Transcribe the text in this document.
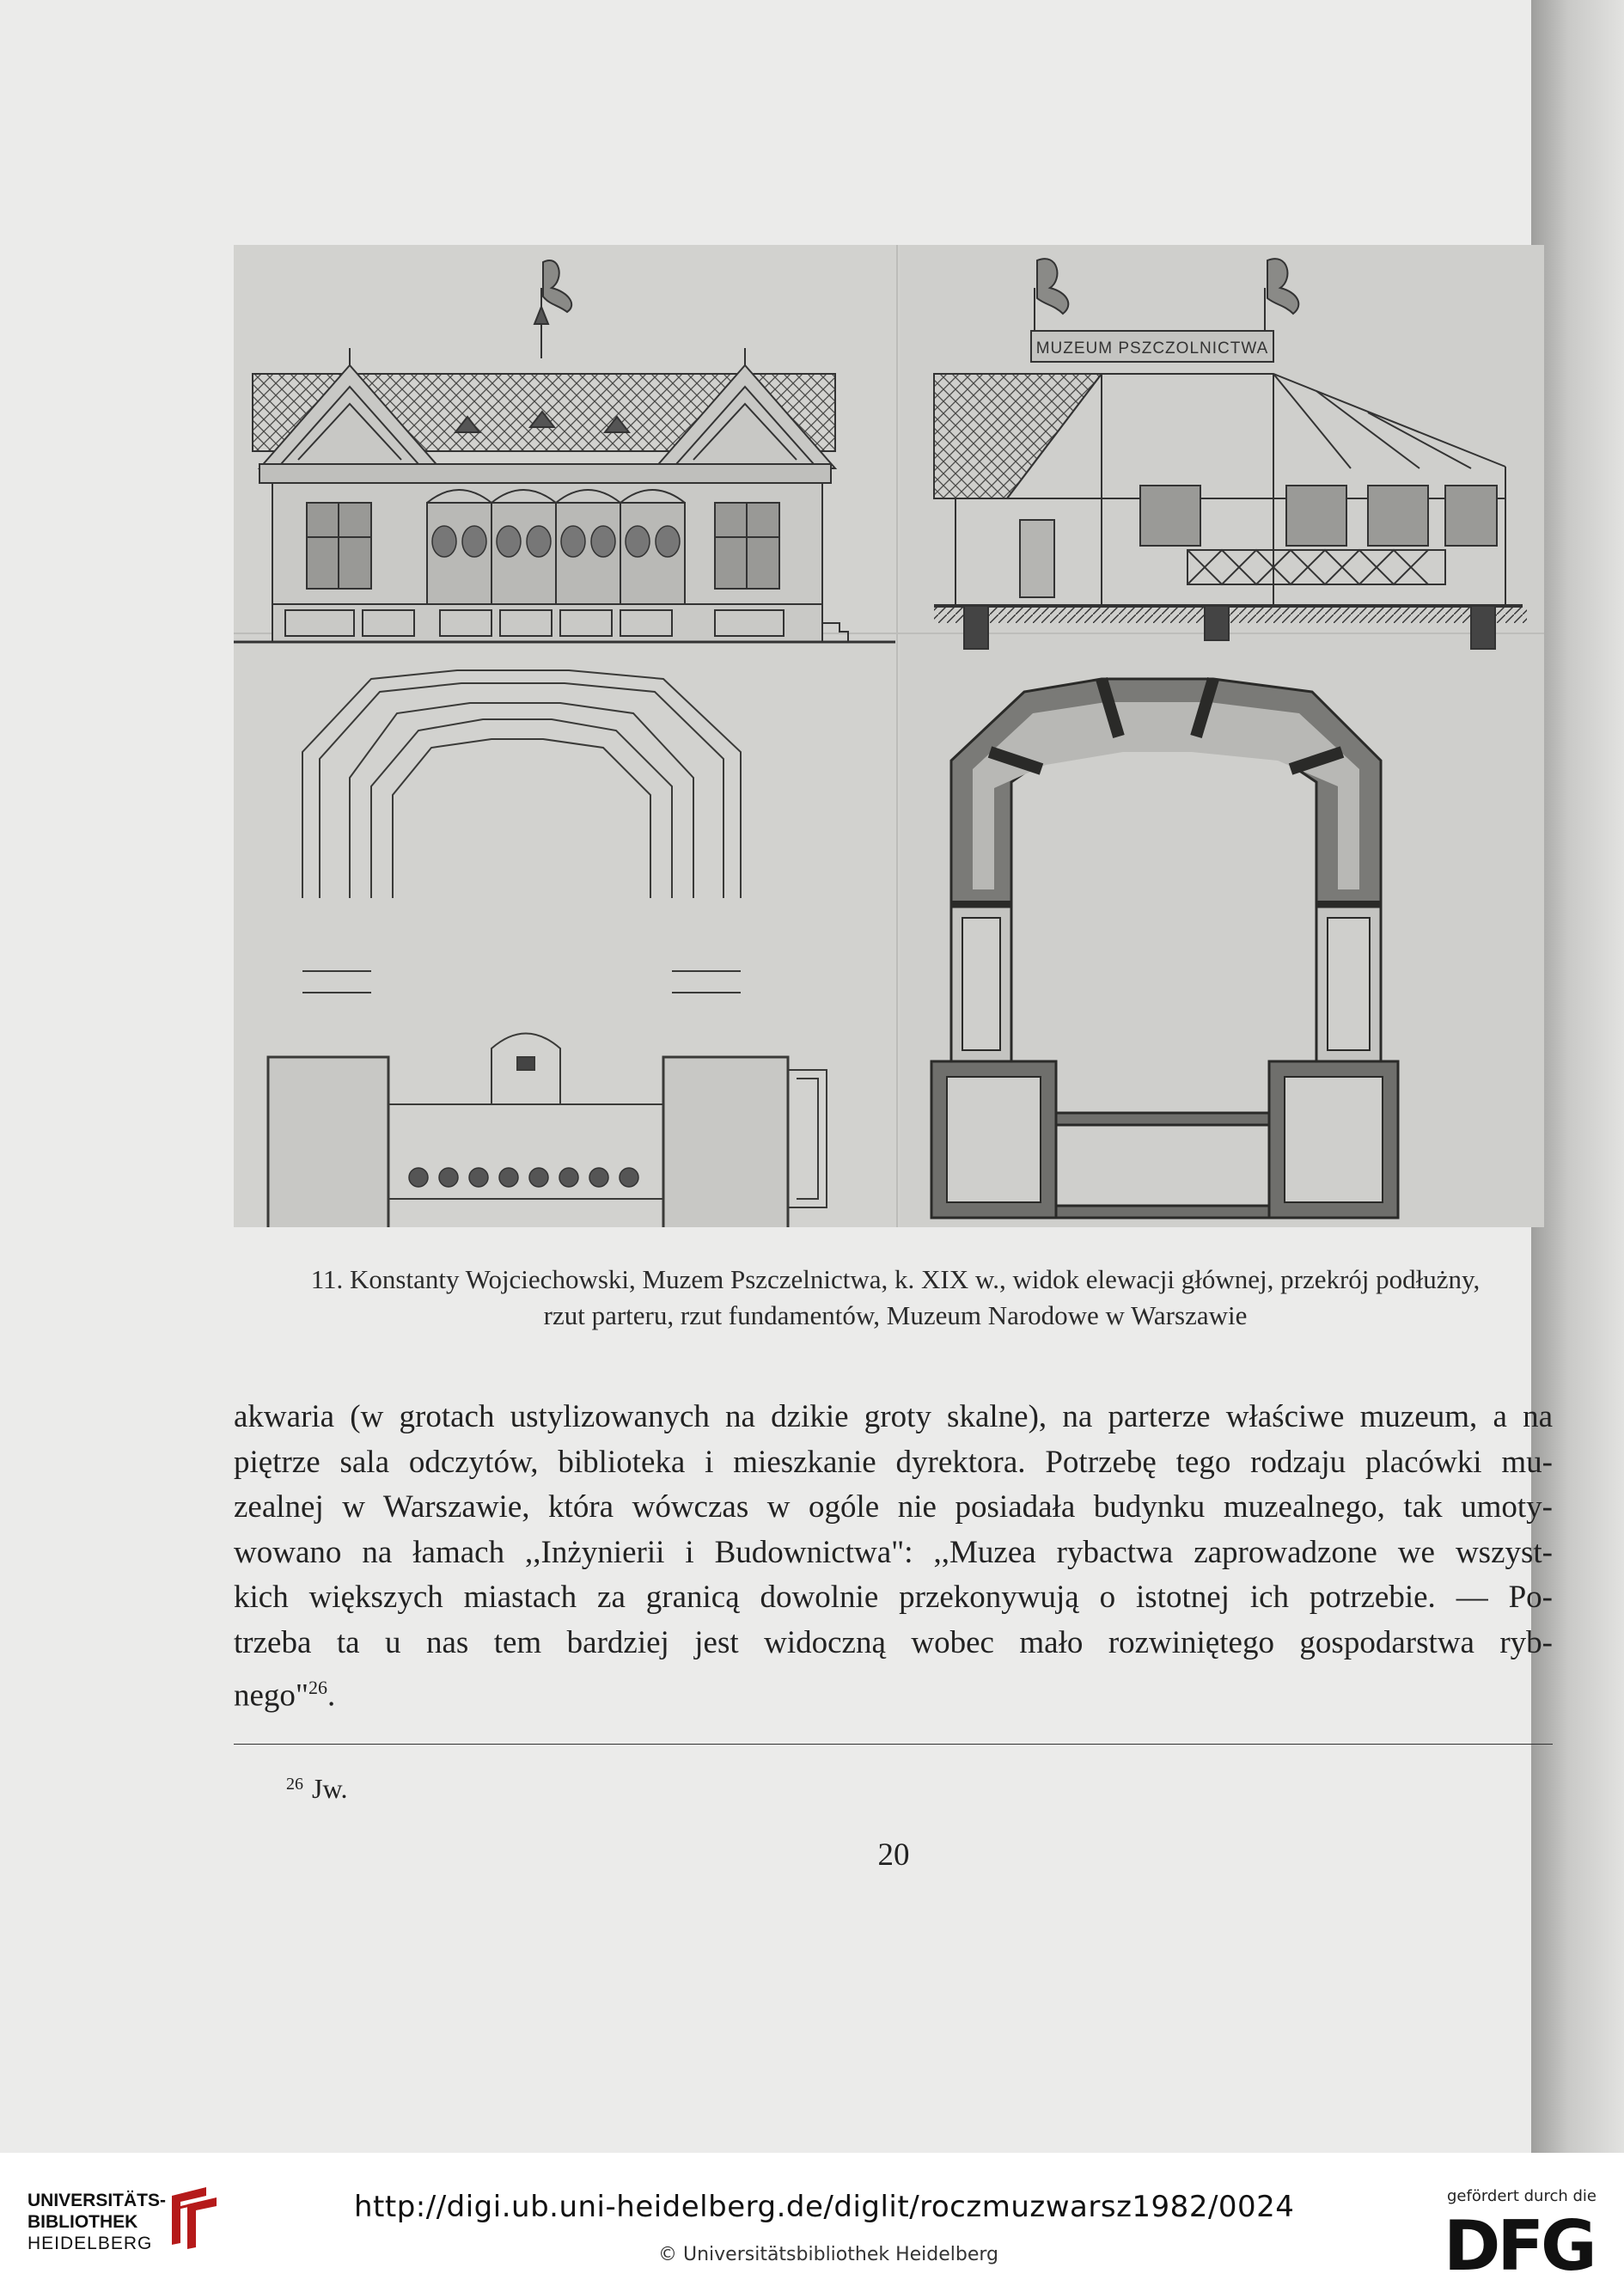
MUZEUM PSZCZOLNICTWA
11. Konstanty Wojciechowski, Muzem Pszczelnictwa, k. XIX w., widok elewacji głównej, przekrój podłużny,
rzut parteru, rzut fundamentów, Muzeum Narodowe w Warszawie
akwaria (w grotach ustylizowanych na dzikie groty skalne), na parterze właściwe muzeum, a na
piętrze sala odczytów, biblioteka i mieszkanie dyrektora. Potrzebę tego rodzaju placówki mu-
zealnej w Warszawie, która wówczas w ogóle nie posiadała budynku muzealnego, tak umoty-
wowano na łamach ,,Inżynierii i Budownictwa": ,,Muzea rybactwa zaprowadzone we wszyst-
kich większych miastach za granicą dowolnie przekonywują o istotnej ich potrzebie. — Po-
trzeba ta u nas tem bardziej jest widoczną wobec mało rozwiniętego gospodarstwa ryb-
nego"$^{26}$.
$^{26}$ Jw.
20
UNIVERSITÄTS-
BIBLIOTHEK
HEIDELBERG
http://digi.ub.uni-heidelberg.de/diglit/roczmuzwarsz1982/0024
© Universitätsbibliothek Heidelberg
gefördert durch die
DFG
